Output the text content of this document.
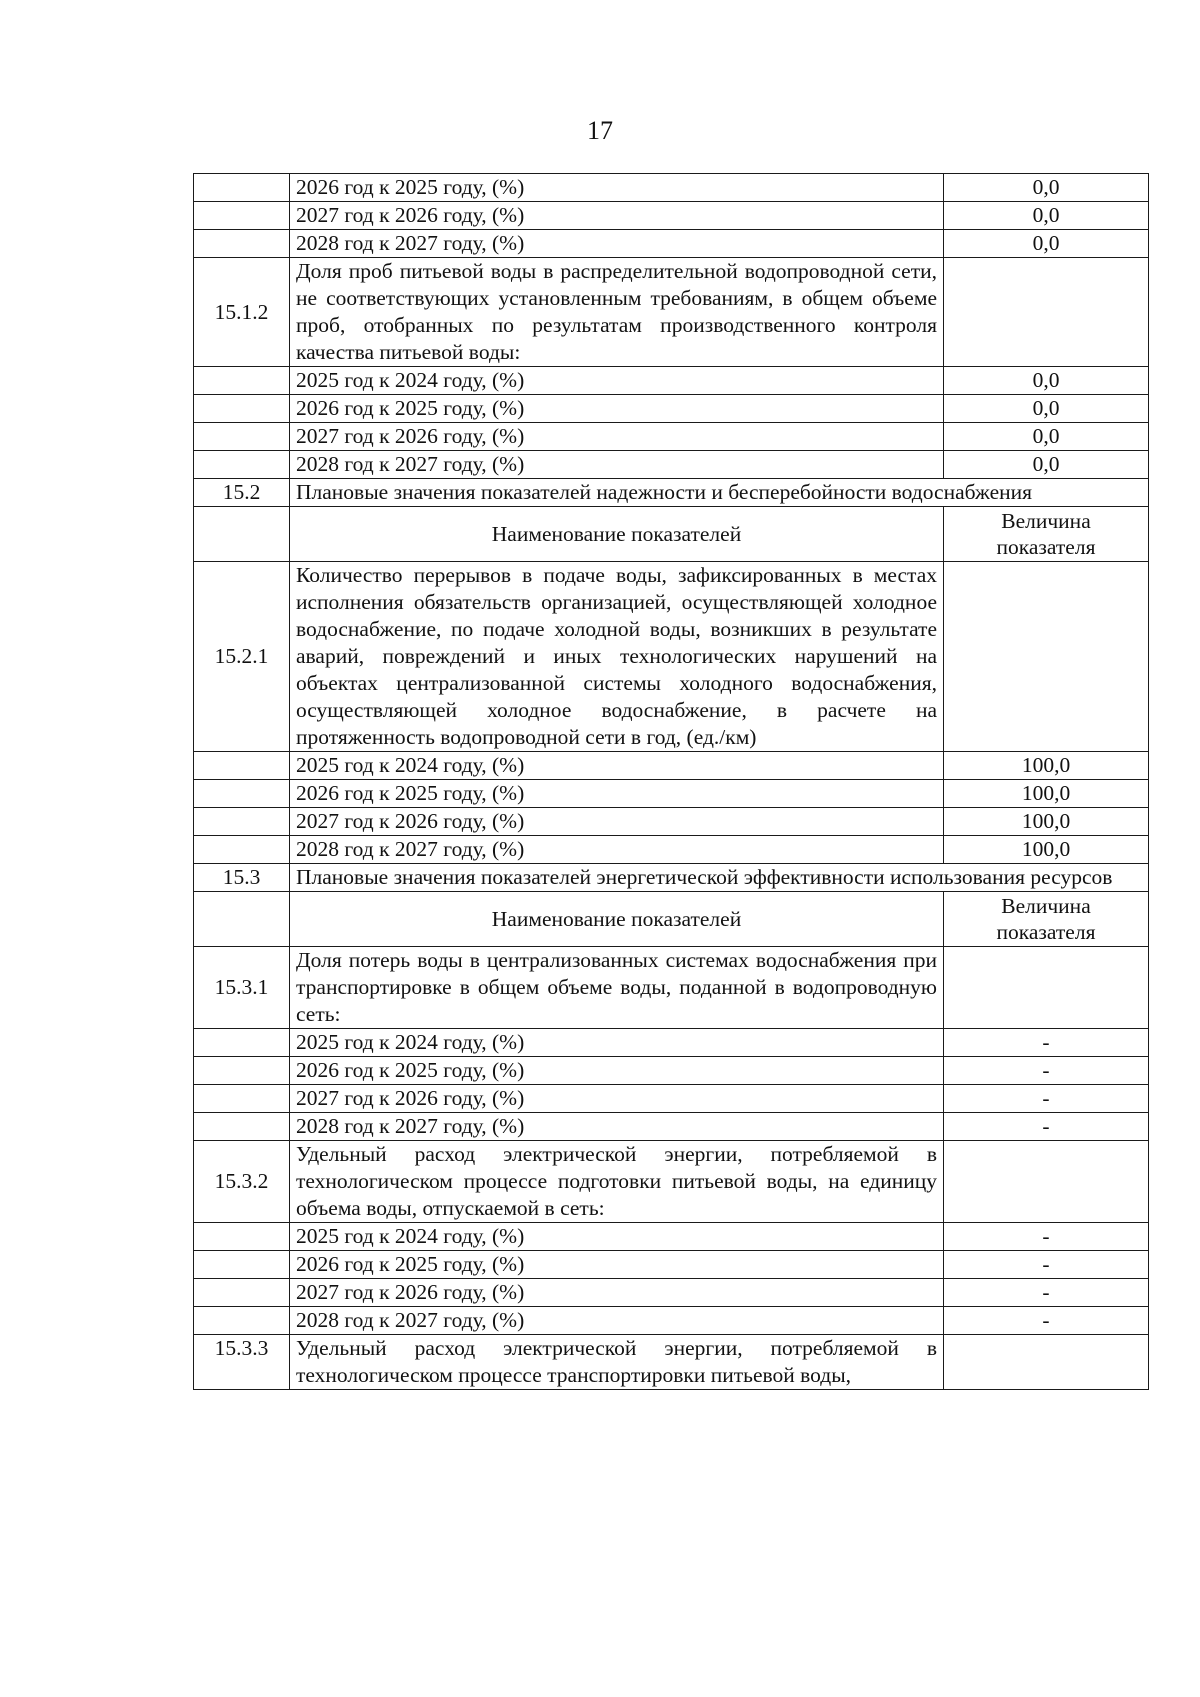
17
	2026 год к 2025 году, (%)	0,0
	2027 год к 2026 году, (%)	0,0
	2028 год к 2027 году, (%)	0,0
15.1.2	Доля проб питьевой воды в распределительной водопроводной сети, не соответствующих установленным требованиям, в общем объеме проб, отобранных по результатам производственного контроля качества питьевой воды:	
	2025 год к 2024 году, (%)	0,0
	2026 год к 2025 году, (%)	0,0
	2027 год к 2026 году, (%)	0,0
	2028 год к 2027 году, (%)	0,0
15.2	Плановые значения показателей надежности и бесперебойности водоснабжения	
	Наименование показателей	Величина показателя
15.2.1	Количество перерывов в подаче воды, зафиксированных в местах исполнения обязательств организацией, осуществляющей холодное водоснабжение, по подаче холодной воды, возникших в результате аварий, повреждений и иных технологических нарушений на объектах централизованной системы холодного водоснабжения, осуществляющей холодное водоснабжение, в расчете на протяженность водопроводной сети в год, (ед./км)	
	2025 год к 2024 году, (%)	100,0
	2026 год к 2025 году, (%)	100,0
	2027 год к 2026 году, (%)	100,0
	2028 год к 2027 году, (%)	100,0
15.3	Плановые значения показателей энергетической эффективности использования ресурсов	
	Наименование показателей	Величина показателя
15.3.1	Доля потерь воды в централизованных системах водоснабжения при транспортировке в общем объеме воды, поданной в водопроводную сеть:	
	2025 год к 2024 году, (%)	-
	2026 год к 2025 году, (%)	-
	2027 год к 2026 году, (%)	-
	2028 год к 2027 году, (%)	-
15.3.2	Удельный расход электрической энергии, потребляемой в технологическом процессе подготовки питьевой воды, на единицу объема воды, отпускаемой в сеть:	
	2025 год к 2024 году, (%)	-
	2026 год к 2025 году, (%)	-
	2027 год к 2026 году, (%)	-
	2028 год к 2027 году, (%)	-
15.3.3	Удельный расход электрической энергии, потребляемой в технологическом процессе транспортировки питьевой воды,	
